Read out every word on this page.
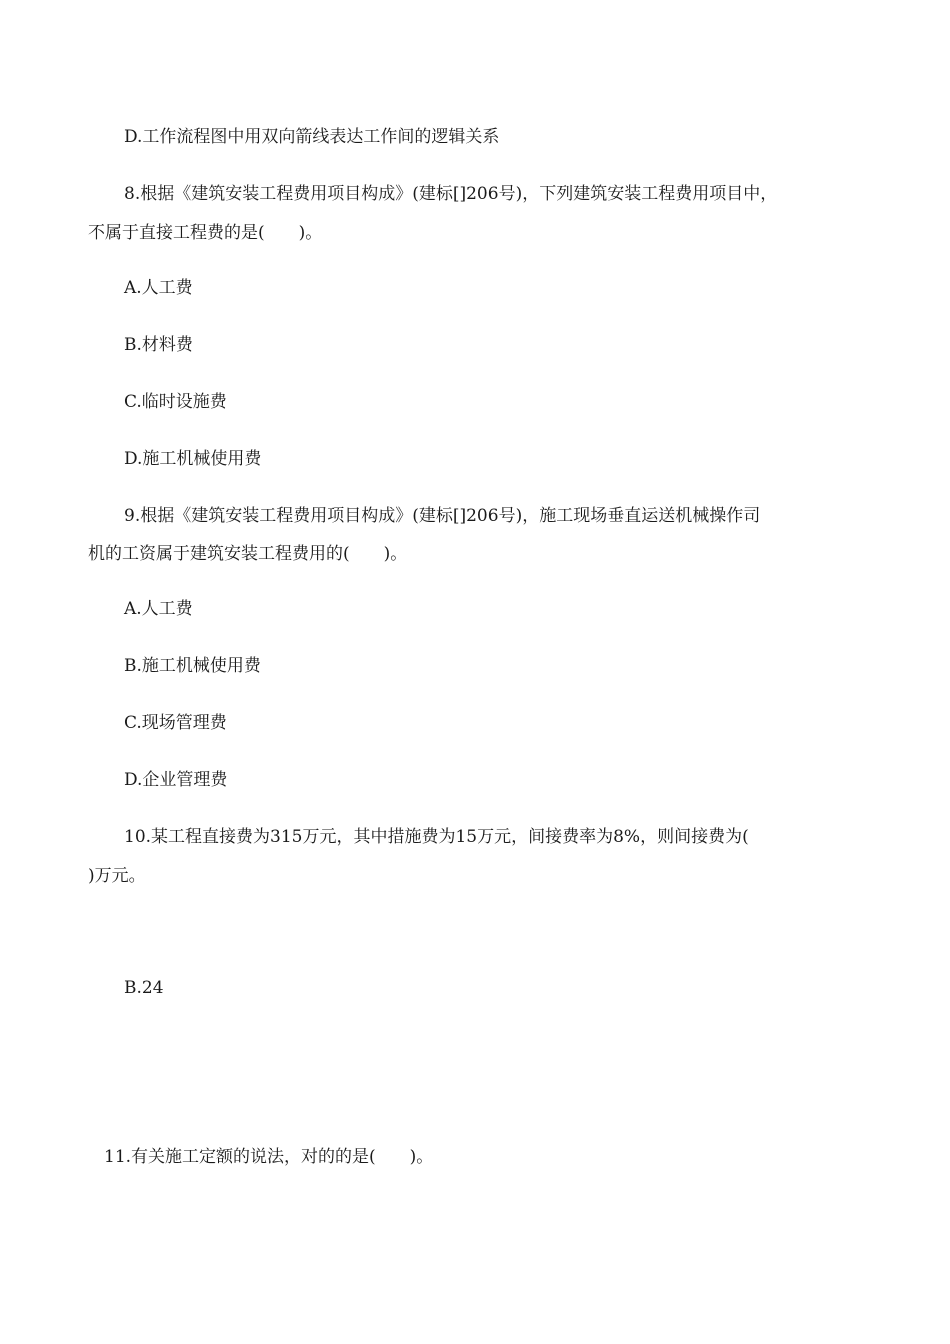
D.工作流程图中用双向箭线表达工作间的逻辑关系
8.根据《建筑安装工程费用项目构成》(建标[]206号)，下列建筑安装工程费用项目中，
不属于直接工程费的是(　　)。
A.人工费
B.材料费
C.临时设施费
D.施工机械使用费
9.根据《建筑安装工程费用项目构成》(建标[]206号)，施工现场垂直运送机械操作司
机的工资属于建筑安装工程费用的(　　)。
A.人工费
B.施工机械使用费
C.现场管理费
D.企业管理费
10.某工程直接费为315万元，其中措施费为15万元，间接费率为8%，则间接费为(
)万元。
B.24
11.有关施工定额的说法，对的的是(　　)。
